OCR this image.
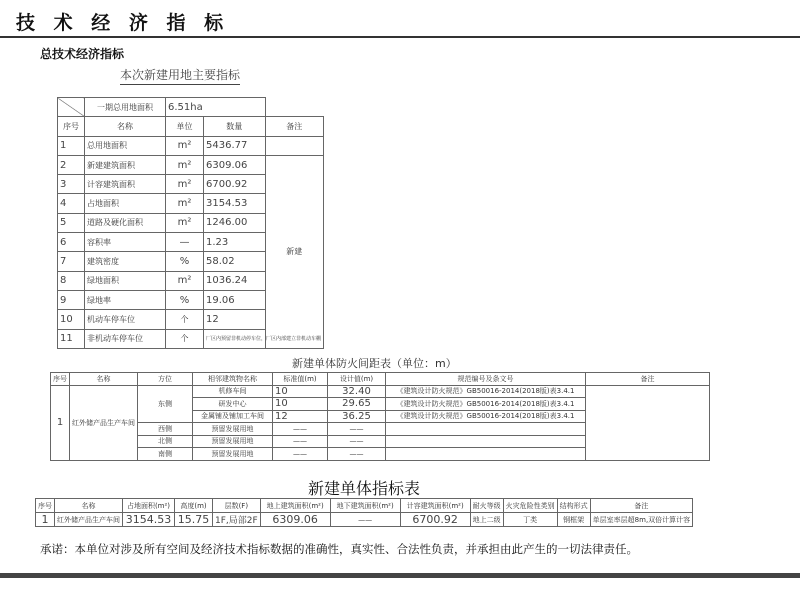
技 术 经 济 指 标
总技术经济指标
本次新建用地主要指标
	一期总用地面积	6.51ha		
序号	名称	单位	数量	备注
1	总用地面积	m²	5436.77	
2	新建建筑面积	m²	6309.06	新建
3	计容建筑面积	m²	6700.92	
4	占地面积	m²	3154.53	
5	道路及硬化面积	m²	1246.00	
6	容积率	—	1.23	
7	建筑密度	%	58.02	
8	绿地面积	m²	1036.24	
9	绿地率	%	19.06	
10	机动车停车位	个	12	
11	非机动车停车位	个	厂区内预留非机动停车位，厂区内部建立非机动车棚	
新建单体防火间距表（单位：m）
序号	名称	方位	相邻建筑物名称	标准值(m)	设计值(m)	规范编号及条文号	备注
1	红外储产品生产车间	东侧	机修车间	10	32.40	《建筑设计防火规范》GB50016-2014(2018版)表3.4.1	
			研发中心	10	29.65	《建筑设计防火规范》GB50016-2014(2018版)表3.4.1	
			金属铺及铺加工车间	12	36.25	《建筑设计防火规范》GB50016-2014(2018版)表3.4.1	
		西侧	预留发展用地	——	——		
		北侧	预留发展用地	——	——		
		南侧	预留发展用地	——	——		
新建单体指标表
序号	名称	占地面积(m²)	高度(m)	层数(F)	地上建筑面积(m²)	地下建筑面积(m²)	计容建筑面积(m²)	耐火等级	火灾危险性类别	结构形式	备注
1	红外储产品生产车间	3154.53	15.75	1F,局部2F	6309.06	——	6700.92	地上二级	丁类	钢框架	单层室率层超8m,双倍计算计容
承诺：本单位对涉及所有空间及经济技术指标数据的准确性，真实性、合法性负责，并承担由此产生的一切法律责任。
